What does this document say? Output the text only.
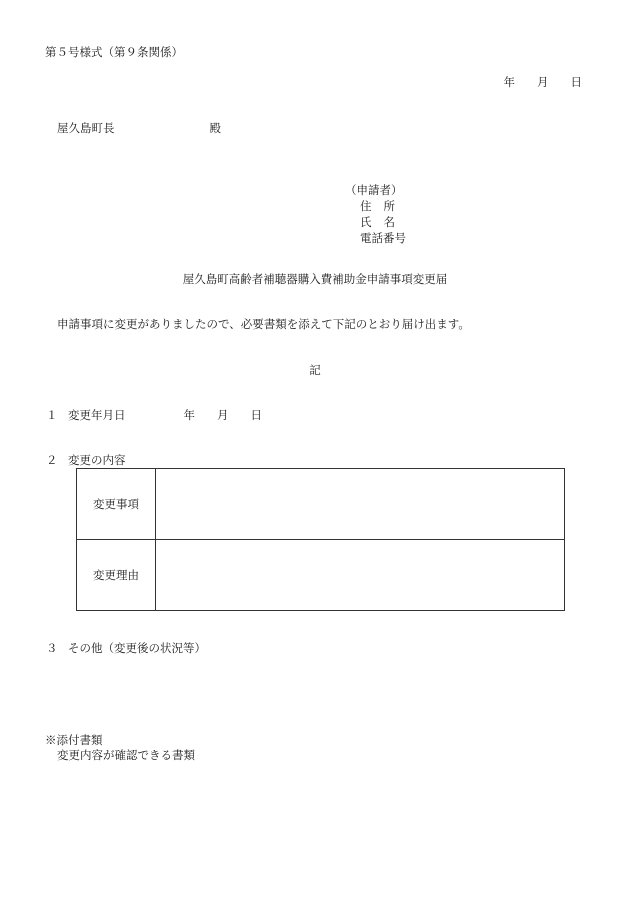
第５号様式（第９条関係）
年 月 日
屋久島町長	殿
（申請者）
住 所
氏 名
電話番号
屋久島町高齢者補聴器購入費補助金申請事項変更届
申請事項に変更がありましたので、必要書類を添えて下記のとおり届け出ます。
記
１ 変更年月日	年 月 日
２ 変更の内容
変更事項	
変更理由	
３ その他（変更後の状況等）
※添付書類
変更内容が確認できる書類
